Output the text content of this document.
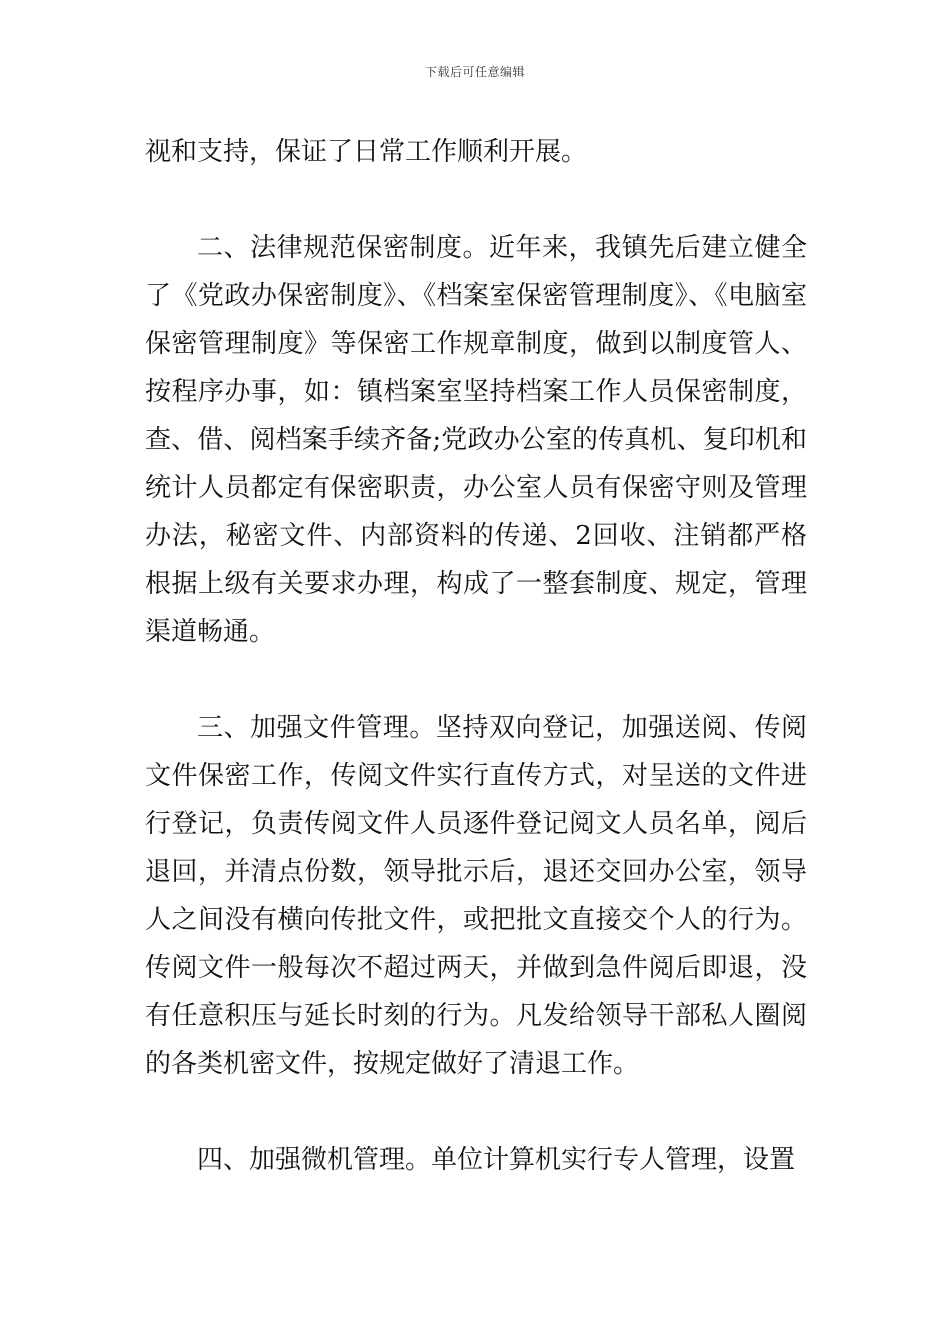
下载后可任意编辑

视和支持，保证了日常工作顺利开展。

二、法律规范保密制度。近年来，我镇先后建立健全了《党政办保密制度》、《档案室保密管理制度》、《电脑室保密管理制度》等保密工作规章制度，做到以制度管人、按程序办事，如：镇档案室坚持档案工作人员保密制度，查、借、阅档案手续齐备;党政办公室的传真机、复印机和统计人员都定有保密职责，办公室人员有保密守则及管理办法，秘密文件、内部资料的传递、2回收、注销都严格根据上级有关要求办理，构成了一整套制度、规定，管理渠道畅通。

三、加强文件管理。坚持双向登记，加强送阅、传阅文件保密工作，传阅文件实行直传方式，对呈送的文件进行登记，负责传阅文件人员逐件登记阅文人员名单，阅后退回，并清点份数，领导批示后，退还交回办公室，领导人之间没有横向传批文件，或把批文直接交个人的行为。传阅文件一般每次不超过两天，并做到急件阅后即退，没有任意积压与延长时刻的行为。凡发给领导干部私人圈阅的各类机密文件，按规定做好了清退工作。

四、加强微机管理。单位计算机实行专人管理，设置
